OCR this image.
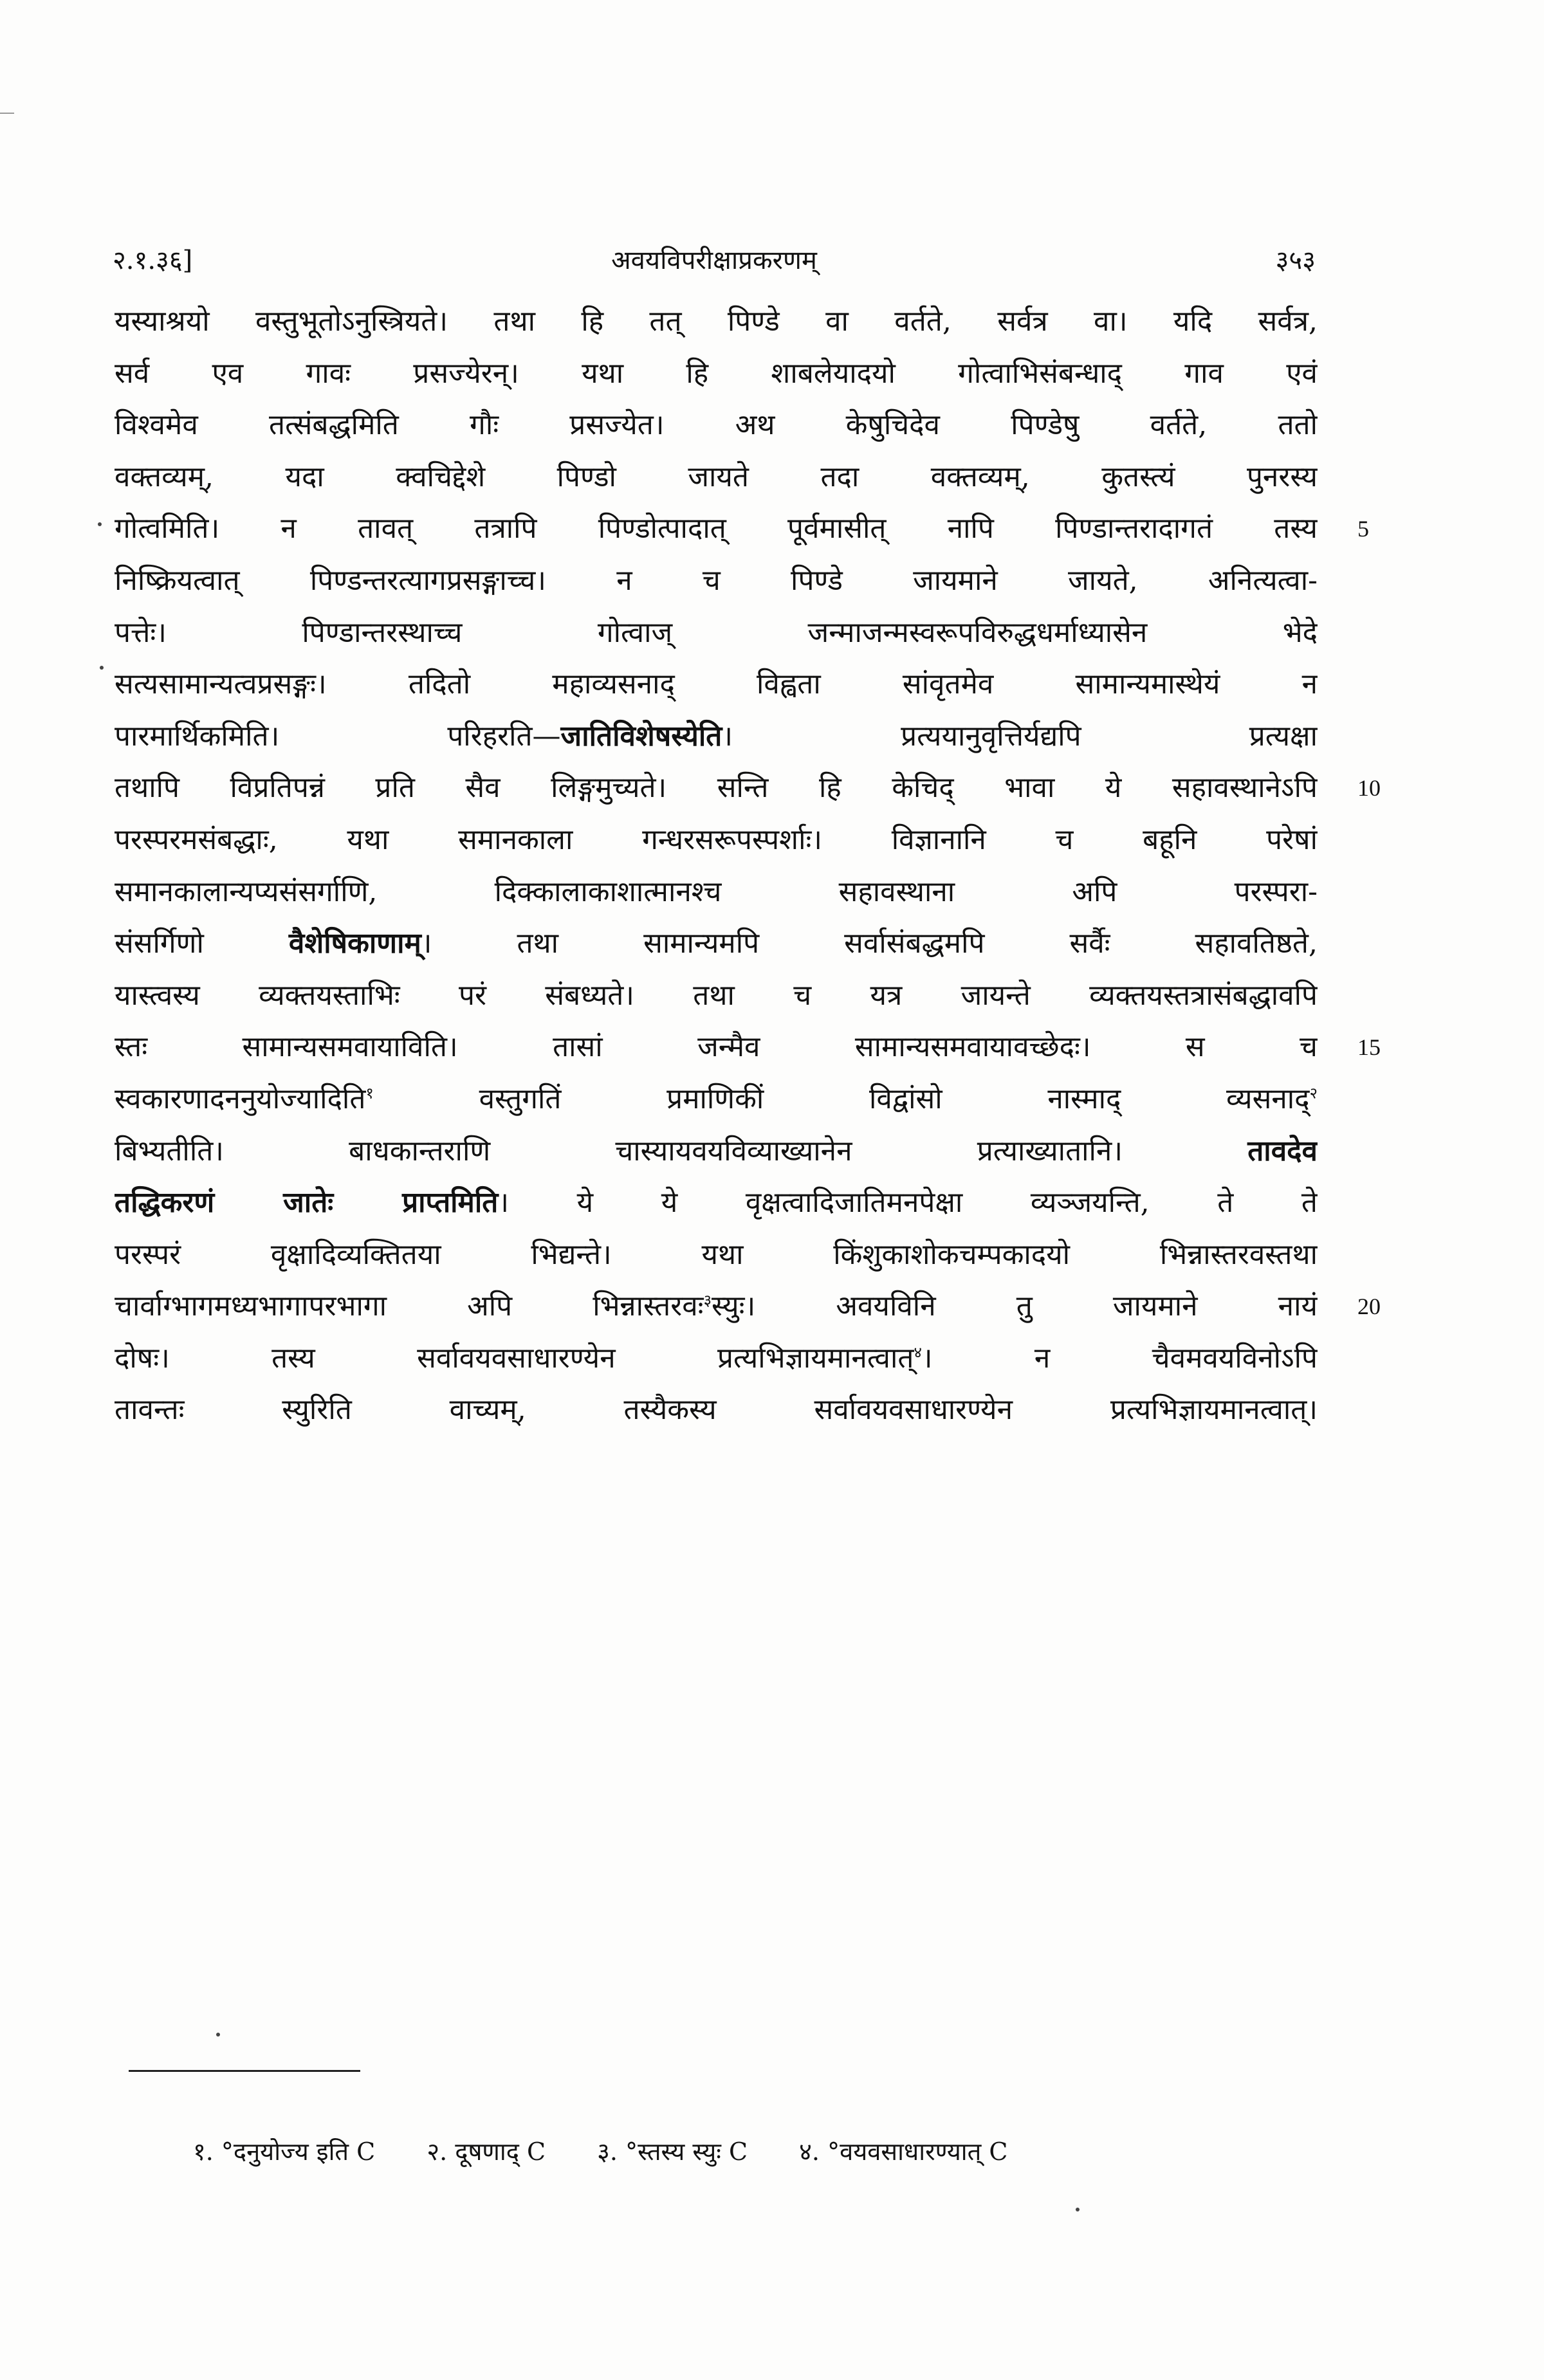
२.१.३६]	अवयविपरीक्षाप्रकरणम्	३५३
यस्याश्रयो वस्तुभूतोऽनुस्त्रियते। तथा हि तत् पिण्डे वा वर्तते, सर्वत्र वा। यदि सर्वत्र,
सर्व एव गावः प्रसज्येरन्। यथा हि शाबलेयादयो गोत्वाभिसंबन्धाद् गाव एवं
विश्वमेव तत्संबद्धमिति गौः प्रसज्येत। अथ केषुचिदेव पिण्डेषु वर्तते, ततो
वक्तव्यम्, यदा क्वचिद्देशे पिण्डो जायते तदा वक्तव्यम्, कुतस्त्यं पुनरस्य
गोत्वमिति। न तावत् तत्रापि पिण्डोत्पादात् पूर्वमासीत् नापि पिण्डान्तरादागतं तस्य
निष्क्रियत्वात् पिण्डन्तरत्यागप्रसङ्गाच्च। न च पिण्डे जायमाने जायते, अनित्यत्वा-
पत्तेः। पिण्डान्तरस्थाच्च गोत्वाज् जन्माजन्मस्वरूपविरुद्धधर्माध्यासेन भेदे
सत्यसामान्यत्वप्रसङ्गः। तदितो महाव्यसनाद् विह्वता सांवृतमेव सामान्यमास्थेयं न
पारमार्थिकमिति। परिहरति—जातिविशेषस्येति। प्रत्ययानुवृत्तिर्यद्यपि प्रत्यक्षा
तथापि विप्रतिपन्नं प्रति सैव लिङ्गमुच्यते। सन्ति हि केचिद् भावा ये सहावस्थानेऽपि
परस्परमसंबद्धाः, यथा समानकाला गन्धरसरूपस्पर्शाः। विज्ञानानि च बहूनि परेषां
समानकालान्यप्यसंसर्गाणि, दिक्कालाकाशात्मानश्च सहावस्थाना अपि परस्परा-
संसर्गिणो वैशेषिकाणाम्। तथा सामान्यमपि सर्वासंबद्धमपि सर्वैः सहावतिष्ठते,
यास्त्वस्य व्यक्तयस्ताभिः परं संबध्यते। तथा च यत्र जायन्ते व्यक्तयस्तत्रासंबद्धावपि
स्तः सामान्यसमवायाविति। तासां जन्मैव सामान्यसमवायावच्छेदः। स च
स्वकारणादननुयोज्यादिति$^१$ वस्तुगतिं प्रमाणिकीं विद्वांसो नास्माद् व्यसनाद्$^२$
बिभ्यतीति। बाधकान्तराणि चास्यायवयविव्याख्यानेन प्रत्याख्यातानि। तावदेव
तद्धिकरणं जातेः प्राप्तमिति। ये ये वृक्षत्वादिजातिमनपेक्षा व्यञ्जयन्ति, ते ते
परस्परं वृक्षादिव्यक्तितया भिद्यन्ते। यथा किंशुकाशोकचम्पकादयो भिन्नास्तरवस्तथा
चार्वाग्भागमध्यभागापरभागा अपि भिन्नास्तरवः$^३$स्युः। अवयविनि तु जायमाने नायं
दोषः। तस्य सर्वावयवसाधारण्येन प्रत्यभिज्ञायमानत्वात्$^४$। न चैवमवयविनोऽपि
तावन्तः स्युरिति वाच्यम्, तस्यैकस्य सर्वावयवसाधारण्येन प्रत्यभिज्ञायमानत्वात्।
5
10
15
20
१. °दनुयोज्य इति C २. दूषणाद् C ३. °स्तस्य स्युः C ४. °वयवसाधारण्यात् C
